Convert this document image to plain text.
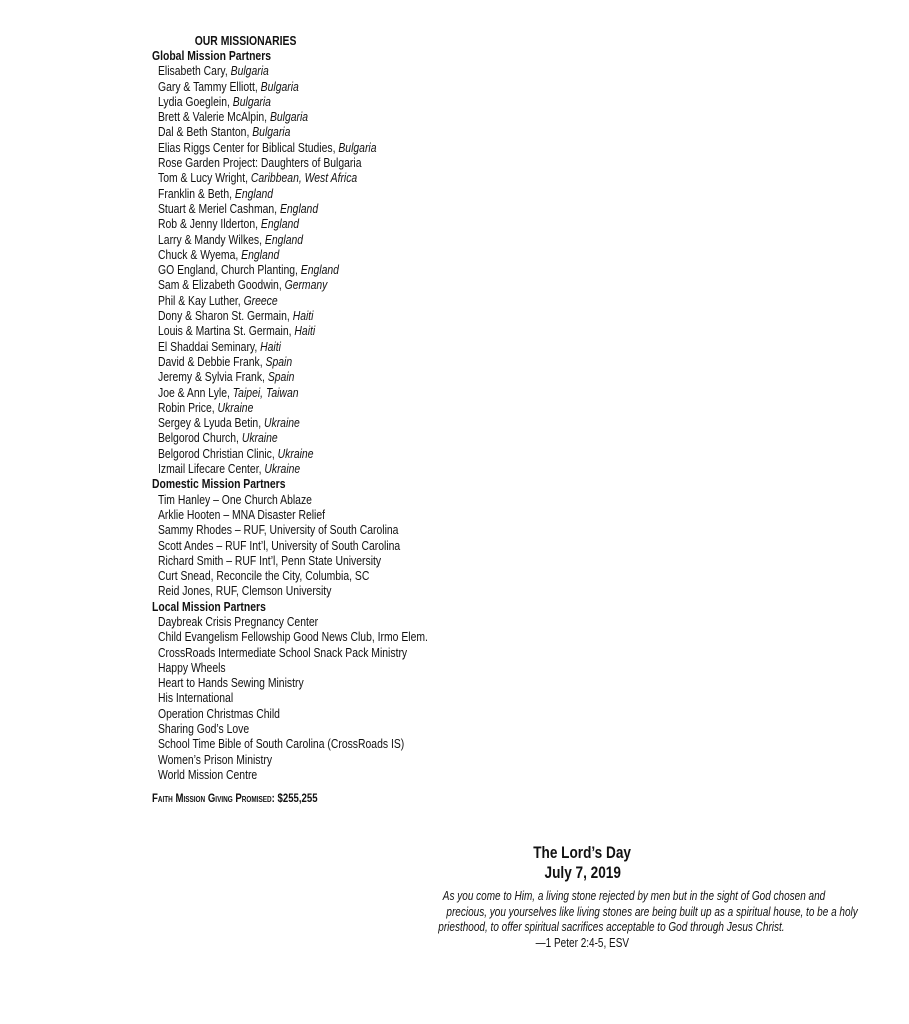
OUR MISSIONARIES
Global Mission Partners
Elisabeth Cary, Bulgaria
Gary & Tammy Elliott, Bulgaria
Lydia Goeglein, Bulgaria
Brett & Valerie McAlpin, Bulgaria
Dal & Beth Stanton, Bulgaria
Elias Riggs Center for Biblical Studies, Bulgaria
Rose Garden Project: Daughters of Bulgaria
Tom & Lucy Wright, Caribbean, West Africa
Franklin & Beth, England
Stuart & Meriel Cashman, England
Rob & Jenny Ilderton, England
Larry & Mandy Wilkes, England
Chuck & Wyema, England
GO England, Church Planting, England
Sam & Elizabeth Goodwin, Germany
Phil & Kay Luther, Greece
Dony & Sharon St. Germain, Haiti
Louis & Martina St. Germain, Haiti
El Shaddai Seminary, Haiti
David & Debbie Frank, Spain
Jeremy & Sylvia Frank, Spain
Joe & Ann Lyle, Taipei, Taiwan
Robin Price, Ukraine
Sergey & Lyuda Betin, Ukraine
Belgorod Church, Ukraine
Belgorod Christian Clinic, Ukraine
Izmail Lifecare Center, Ukraine
Domestic Mission Partners
Tim Hanley – One Church Ablaze
Arklie Hooten – MNA Disaster Relief
Sammy Rhodes – RUF, University of South Carolina
Scott Andes – RUF Int’l, University of South Carolina
Richard Smith – RUF Int’l, Penn State University
Curt Snead, Reconcile the City, Columbia, SC
Reid Jones, RUF, Clemson University
Local Mission Partners
Daybreak Crisis Pregnancy Center
Child Evangelism Fellowship Good News Club, Irmo Elem.
CrossRoads Intermediate School Snack Pack Ministry
Happy Wheels
Heart to Hands Sewing Ministry
His International
Operation Christmas Child
Sharing God’s Love
School Time Bible of South Carolina (CrossRoads IS)
Women’s Prison Ministry
World Mission Centre
Faith Mission Giving Promised: $255,255
The Lord’s Day
July 7, 2019
As you come to Him, a living stone rejected by men but in the sight of God chosen and
precious, you yourselves like living stones are being built up as a spiritual house, to be a holy
priesthood, to offer spiritual sacrifices acceptable to God through Jesus Christ.
—1 Peter 2:4-5, ESV
